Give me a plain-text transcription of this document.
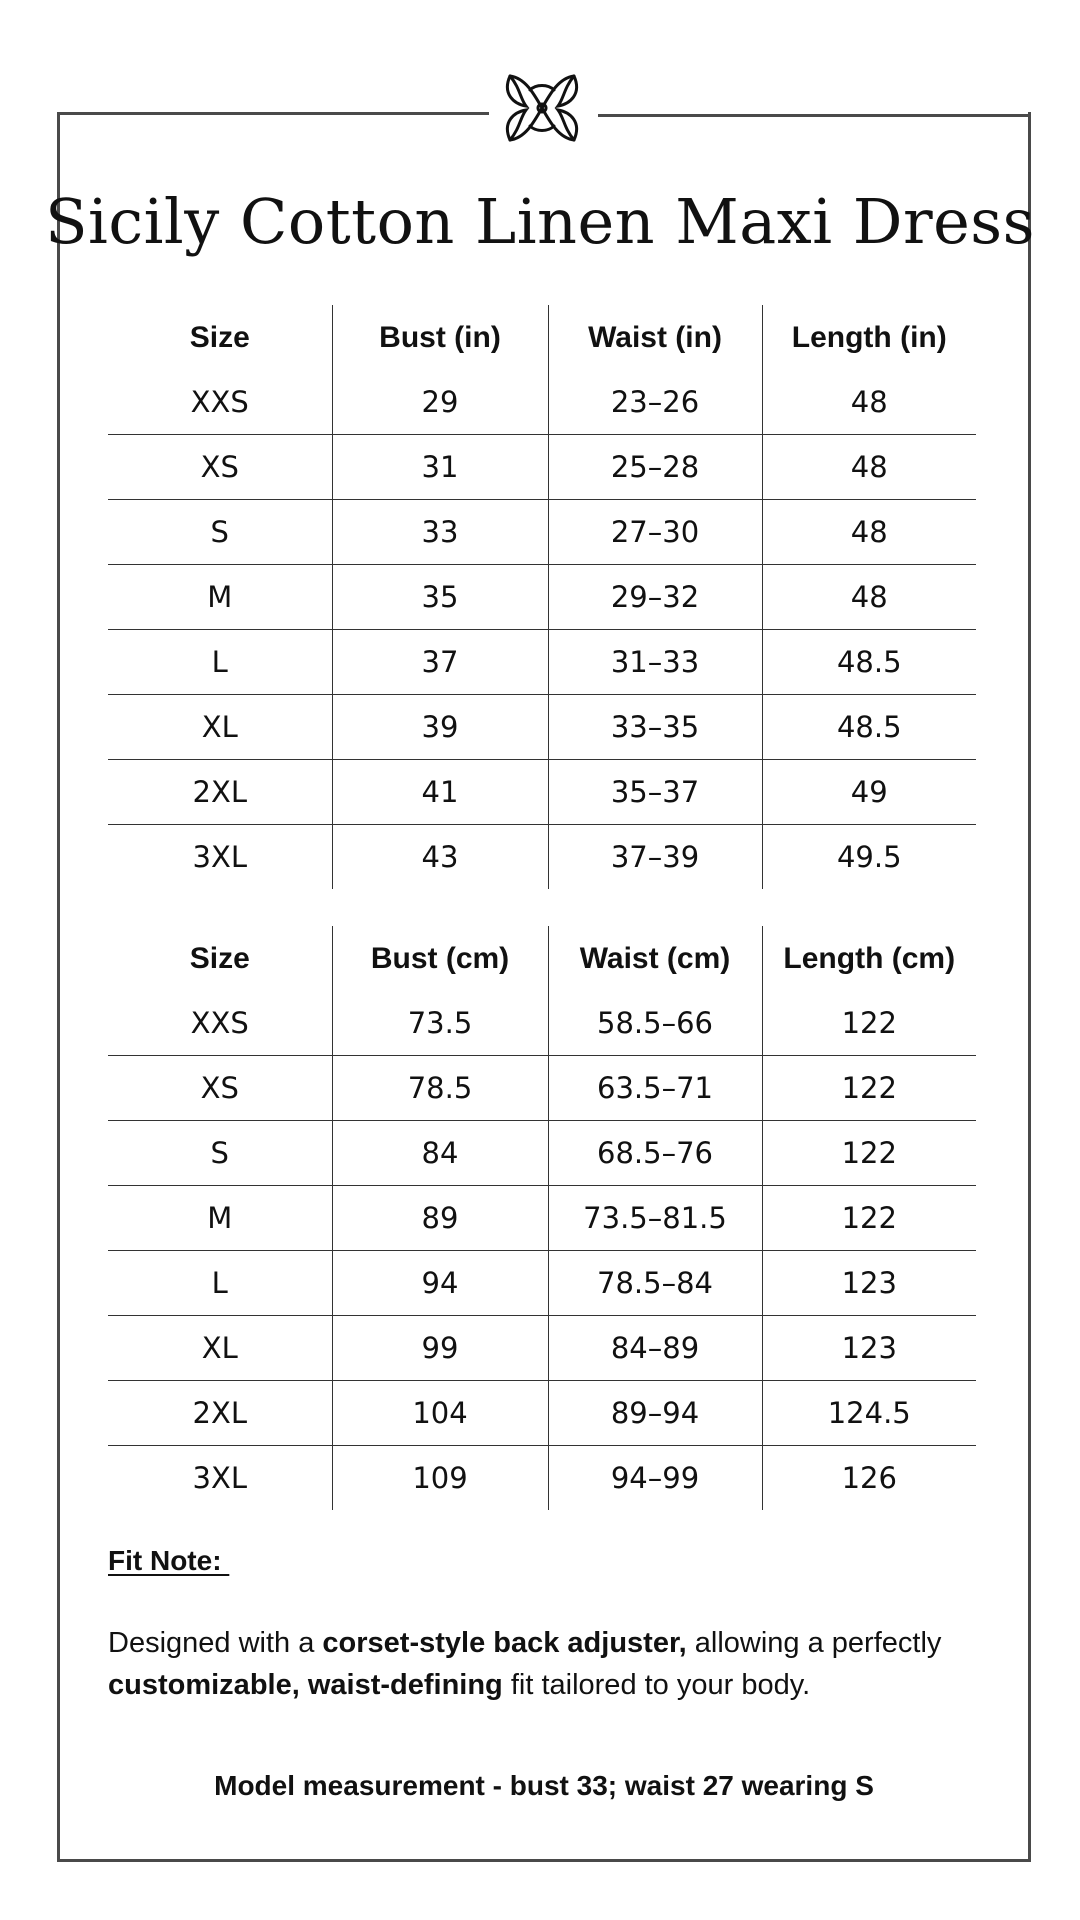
Sicily Cotton Linen Maxi Dress
Size	Bust (in)	Waist (in)	Length (in)
XXS	29	23–26	48
XS	31	25–28	48
S	33	27–30	48
M	35	29–32	48
L	37	31–33	48.5
XL	39	33–35	48.5
2XL	41	35–37	49
3XL	43	37–39	49.5
Size	Bust (cm)	Waist (cm)	Length (cm)
XXS	73.5	58.5–66	122
XS	78.5	63.5–71	122
S	84	68.5–76	122
M	89	73.5–81.5	122
L	94	78.5–84	123
XL	99	84–89	123
2XL	104	89–94	124.5
3XL	109	94–99	126
Fit Note:
Designed with a corset-style back adjuster, allowing a perfectly customizable, waist-defining fit tailored to your body.
Model measurement - bust 33; waist 27 wearing S
